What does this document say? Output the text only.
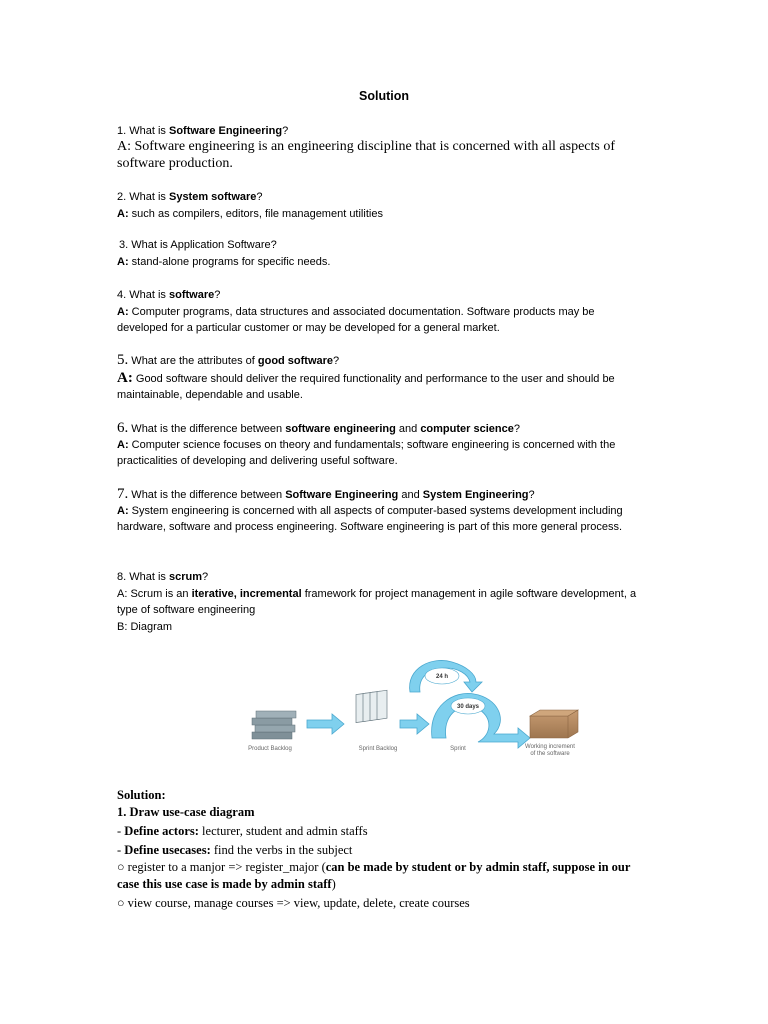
Solution
1. What is Software Engineering?
A: Software engineering is an engineering discipline that is concerned with all aspects of software production.
2. What is System software?
A: such as compilers, editors, file management utilities
3. What is Application Software?
A: stand-alone programs for specific needs.
4. What is software?
A: Computer programs, data structures and associated documentation. Software products may be developed for a particular customer or may be developed for a general market.
5. What are the attributes of good software?
A: Good software should deliver the required functionality and performance to the user and should be maintainable, dependable and usable.
6. What is the difference between software engineering and computer science?
A: Computer science focuses on theory and fundamentals; software engineering is concerned with the practicalities of developing and delivering useful software.
7. What is the difference between Software Engineering and System Engineering?
A: System engineering is concerned with all aspects of computer-based systems development including hardware, software and process engineering. Software engineering is part of this more general process.
8. What is scrum?
A: Scrum is an iterative, incremental framework for project management in agile software development, a type of software engineering
B: Diagram
24 h
30 days
Product Backlog	Sprint Backlog	Sprint	Working increment
of the software
Solution:
1. Draw use-case diagram
- Define actors: lecturer, student and admin staffs
- Define usecases: find the verbs in the subject
○ register to a manjor => register_major (can be made by student or by admin staff, suppose in our case this use case is made by admin staff)
○ view course, manage courses => view, update, delete, create courses
